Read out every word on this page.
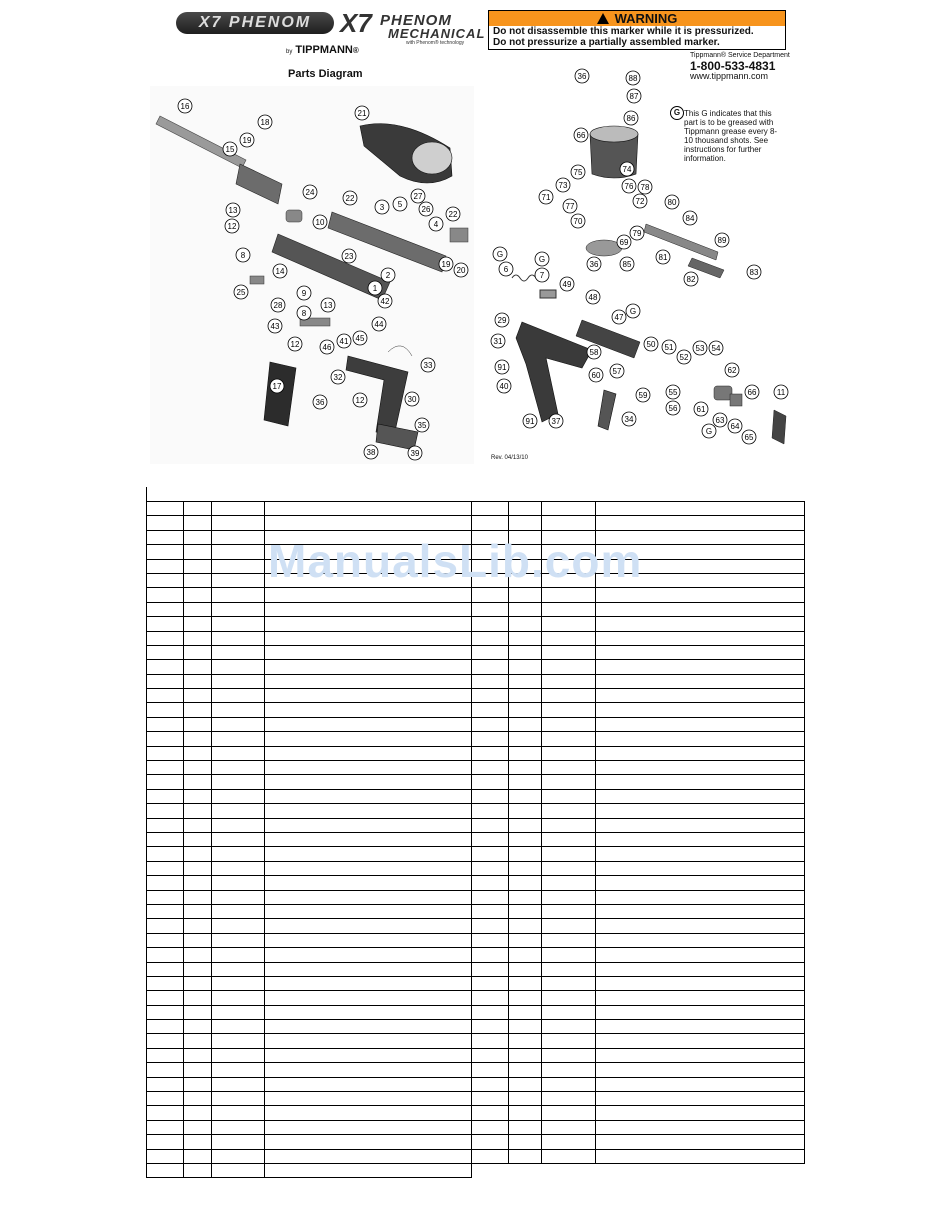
X7 PHENOM	X7 PHENOM
MECHANICAL
with Phenom® technology
by TIPPMANN®
Parts Diagram
WARNING
Do not disassemble this marker while it is pressurized.
Do not pressurize a partially assembled marker.
Tippmann® Service Department
1-800-533-4831
www.tippmann.com
G This G indicates that this part is to be greased with Tippmann grease every 8-10 thousand shots. See instructions for further information.
16
18
19
15
21
24
22	27
3 5
26
22
13
10	4
12
23
20
19
8
14
9
2
1
25
28	13	42
8
44
43
45
12	46
41
33
32
17
12
36	30
35
38	39
36	88
87
86
66
75	74
73	76 78
71	72	80
77
84
70
79
69	89
G
G
36	85
81
82
83
6
7
49
48
G
47
29
31	50 51	53 54
58
52
57
91
60
62
40
55
59	66	11
56 61
63
34
37
91
64
G
65
Rev. 04/13/10

ManualsLib.com
